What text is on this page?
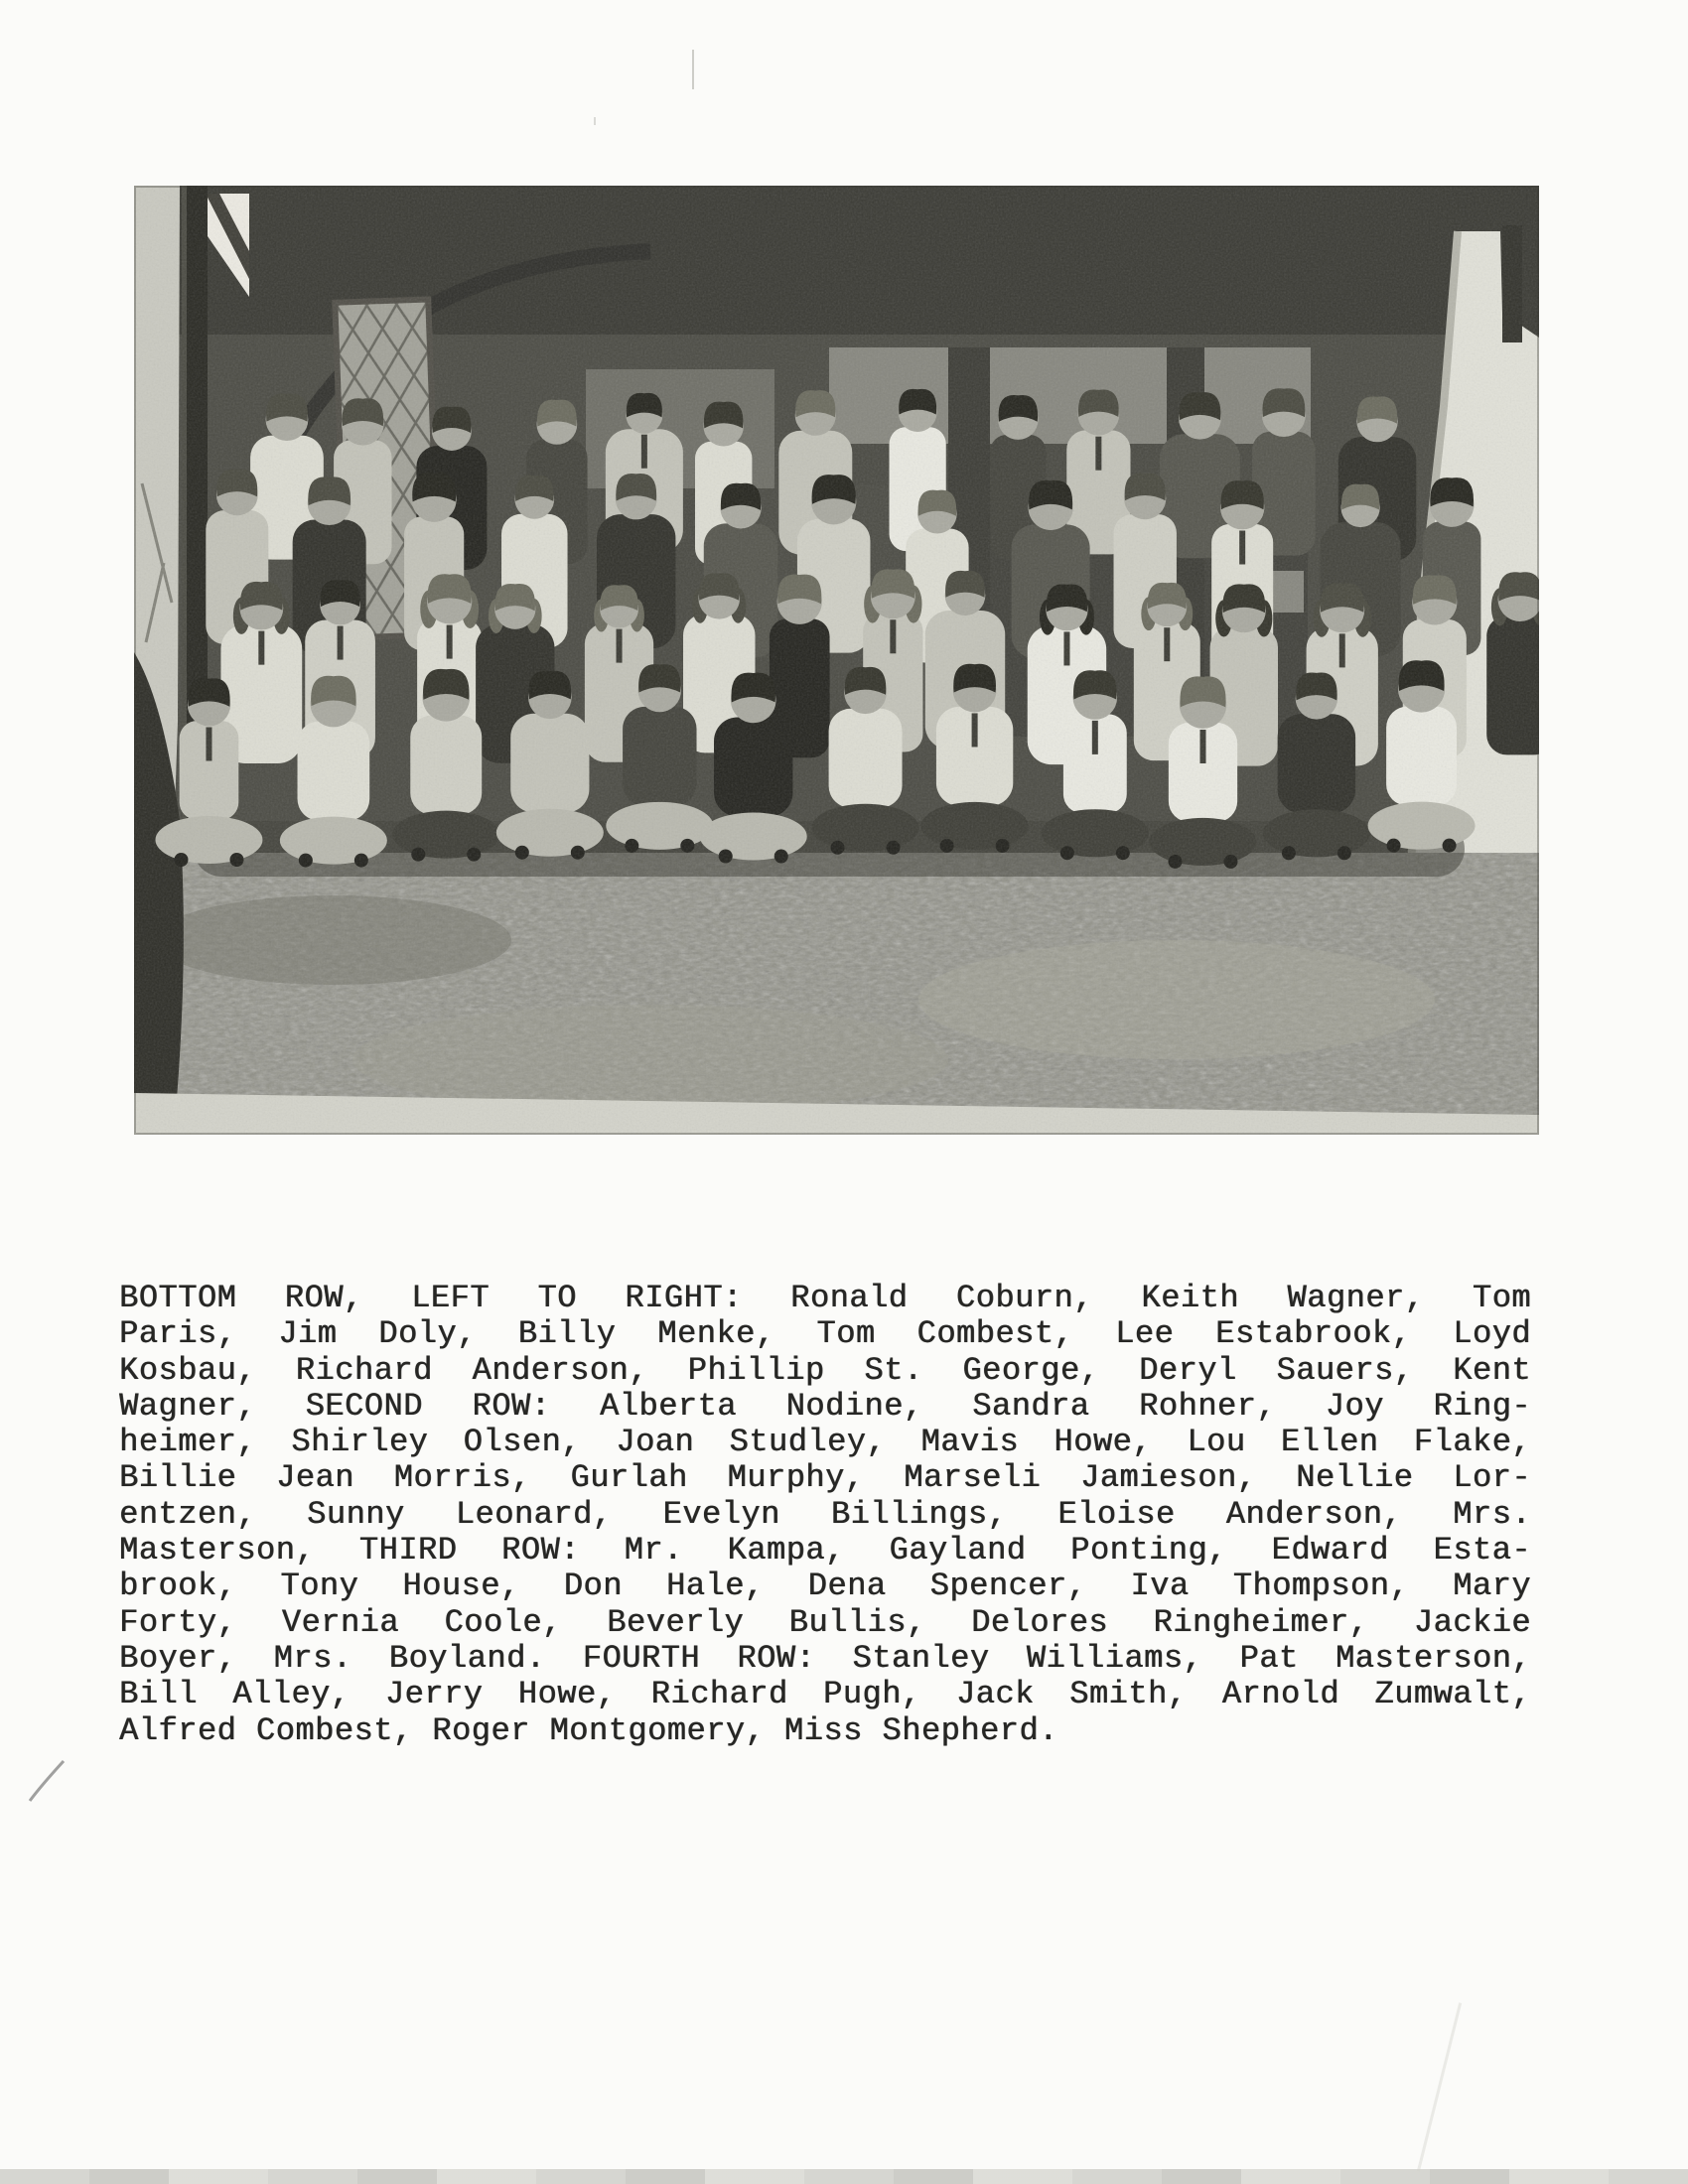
BOTTOM ROW, LEFT TO RIGHT: Ronald Coburn, Keith Wagner, Tom
Paris, Jim Doly, Billy Menke, Tom Combest, Lee Estabrook, Loyd
Kosbau, Richard Anderson, Phillip St. George, Deryl Sauers, Kent
Wagner, SECOND ROW: Alberta Nodine, Sandra Rohner, Joy Ring-
heimer, Shirley Olsen, Joan Studley, Mavis Howe, Lou Ellen Flake,
Billie Jean Morris, Gurlah Murphy, Marseli Jamieson, Nellie Lor-
entzen, Sunny Leonard, Evelyn Billings, Eloise Anderson, Mrs.
Masterson, THIRD ROW: Mr. Kampa, Gayland Ponting, Edward Esta-
brook, Tony House, Don Hale, Dena Spencer, Iva Thompson, Mary
Forty, Vernia Coole, Beverly Bullis, Delores Ringheimer, Jackie
Boyer, Mrs. Boyland. FOURTH ROW: Stanley Williams, Pat Masterson,
Bill Alley, Jerry Howe, Richard Pugh, Jack Smith, Arnold Zumwalt,
Alfred Combest, Roger Montgomery, Miss Shepherd.
